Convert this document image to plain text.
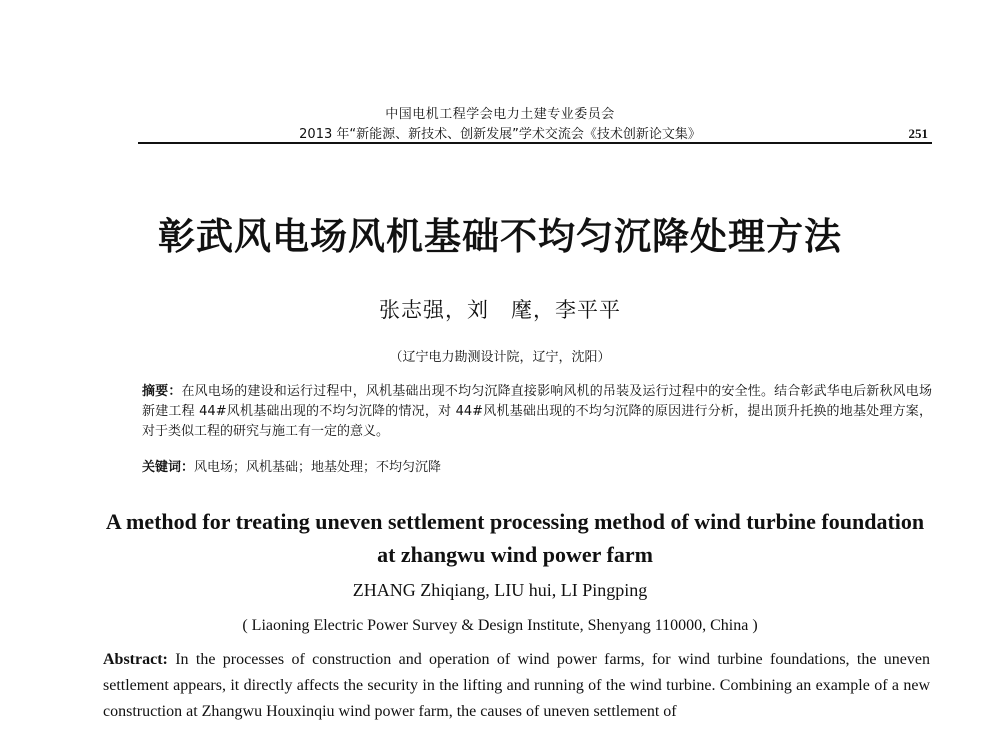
中国电机工程学会电力土建专业委员会
2013 年“新能源、新技术、创新发展”学术交流会《技术创新论文集》	251
彰武风电场风机基础不均匀沉降处理方法
张志强，刘　麾，李平平
（辽宁电力勘测设计院，辽宁，沈阳）
摘要：在风电场的建设和运行过程中，风机基础出现不均匀沉降直接影响风机的吊装及运行过程中的安全性。结合彰武华电后新秋风电场新建工程 44#风机基础出现的不均匀沉降的情况，对 44#风机基础出现的不均匀沉降的原因进行分析，提出顶升托换的地基处理方案，对于类似工程的研究与施工有一定的意义。
关键词：风电场；风机基础；地基处理；不均匀沉降
A method for treating uneven settlement processing method of wind turbine foundation at zhangwu wind power farm
ZHANG Zhiqiang, LIU hui, LI Pingping
( Liaoning Electric Power Survey & Design Institute, Shenyang 110000, China )
Abstract: In the processes of construction and operation of wind power farms, for wind turbine foundations, the uneven settlement appears, it directly affects the security in the lifting and running of the wind turbine. Combining an example of a new construction at Zhangwu Houxinqiu wind power farm, the causes of uneven settlement of
